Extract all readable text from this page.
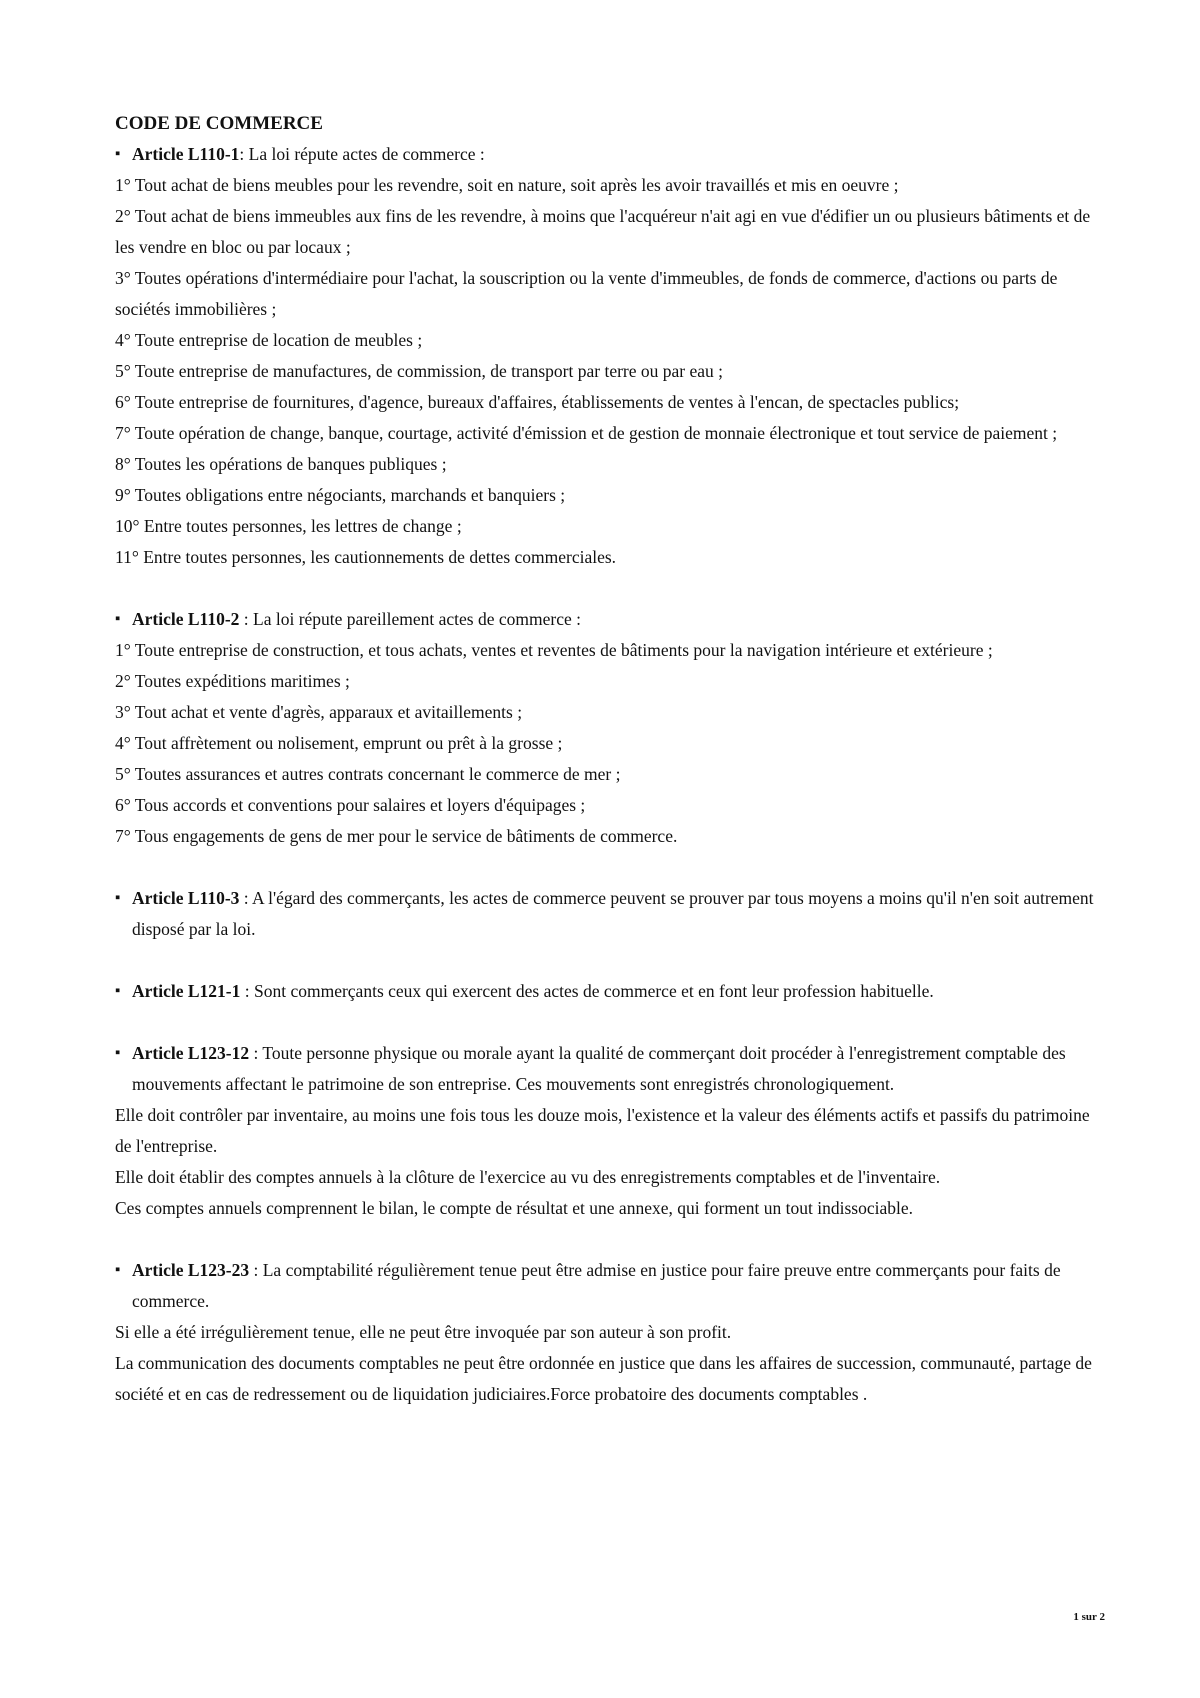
CODE DE COMMERCE

▪ Article L110-1: La loi répute actes de commerce :

1° Tout achat de biens meubles pour les revendre, soit en nature, soit après les avoir travaillés et mis en oeuvre ;

2° Tout achat de biens immeubles aux fins de les revendre, à moins que l'acquéreur n'ait agi en vue d'édifier un ou plusieurs bâtiments et de les vendre en bloc ou par locaux ;

3° Toutes opérations d'intermédiaire pour l'achat, la souscription ou la vente d'immeubles, de fonds de commerce, d'actions ou parts de sociétés immobilières ;

4° Toute entreprise de location de meubles ;

5° Toute entreprise de manufactures, de commission, de transport par terre ou par eau ;

6° Toute entreprise de fournitures, d'agence, bureaux d'affaires, établissements de ventes à l'encan, de spectacles publics;

7° Toute opération de change, banque, courtage, activité d'émission et de gestion de monnaie électronique et tout service de paiement ;

8° Toutes les opérations de banques publiques ;

9° Toutes obligations entre négociants, marchands et banquiers ;

10° Entre toutes personnes, les lettres de change ;

11° Entre toutes personnes, les cautionnements de dettes commerciales.

▪ Article L110-2 : La loi répute pareillement actes de commerce :

1° Toute entreprise de construction, et tous achats, ventes et reventes de bâtiments pour la navigation intérieure et extérieure ;

2° Toutes expéditions maritimes ;

3° Tout achat et vente d'agrès, apparaux et avitaillements ;

4° Tout affrètement ou nolisement, emprunt ou prêt à la grosse ;

5° Toutes assurances et autres contrats concernant le commerce de mer ;

6° Tous accords et conventions pour salaires et loyers d'équipages ;

7° Tous engagements de gens de mer pour le service de bâtiments de commerce.

▪ Article L110-3 : A l'égard des commerçants, les actes de commerce peuvent se prouver par tous moyens a moins qu'il n'en soit autrement disposé par la loi.

▪ Article L121-1 : Sont commerçants ceux qui exercent des actes de commerce et en font leur profession habituelle.

▪ Article L123-12 : Toute personne physique ou morale ayant la qualité de commerçant doit procéder à l'enregistrement comptable des mouvements affectant le patrimoine de son entreprise. Ces mouvements sont enregistrés chronologiquement.

Elle doit contrôler par inventaire, au moins une fois tous les douze mois, l'existence et la valeur des éléments actifs et passifs du patrimoine de l'entreprise.

Elle doit établir des comptes annuels à la clôture de l'exercice au vu des enregistrements comptables et de l'inventaire.

Ces comptes annuels comprennent le bilan, le compte de résultat et une annexe, qui forment un tout indissociable.

▪ Article L123-23 : La comptabilité régulièrement tenue peut être admise en justice pour faire preuve entre commerçants pour faits de commerce.

Si elle a été irrégulièrement tenue, elle ne peut être invoquée par son auteur à son profit.

La communication des documents comptables ne peut être ordonnée en justice que dans les affaires de succession, communauté, partage de société et en cas de redressement ou de liquidation judiciaires.Force probatoire des documents comptables .

1 sur 2
